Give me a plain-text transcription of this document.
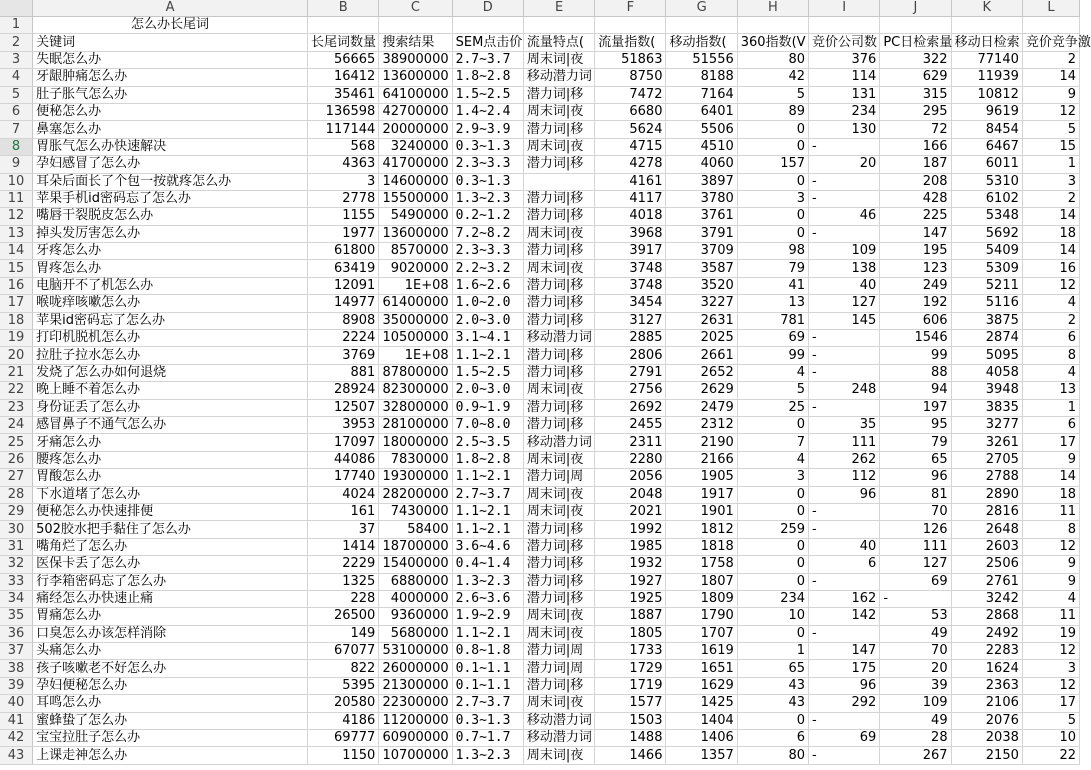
	A	B	C	D	E	F	G	H	I	J	K	L
1	怎么办长尾词											
2	关键词	长尾词数量	搜索结果	SEM点击价	流量特点(	流量指数(	移动指数(	360指数(V	竞价公司数	PC日检索量	移动日检索	竞价竞争激
3	失眠怎么办	56665	38900000	2.7~3.7	周末词|夜	51863	51556	80	376	322	77140	2
4	牙龈肿痛怎么办	16412	13600000	1.8~2.8	移动潜力词	8750	8188	42	114	629	11939	14
5	肚子胀气怎么办	35461	64100000	1.5~2.5	潜力词|移	7472	7164	5	131	315	10812	9
6	便秘怎么办	136598	42700000	1.4~2.4	周末词|夜	6680	6401	89	234	295	9619	12
7	鼻塞怎么办	117144	20000000	2.9~3.9	潜力词|移	5624	5506	0	130	72	8454	5
8	胃胀气怎么办快速解决	568	3240000	0.3~1.3	周末词|夜	4715	4510	0	-	166	6467	15
9	孕妇感冒了怎么办	4363	41700000	2.3~3.3	潜力词|移	4278	4060	157	20	187	6011	1
10	耳朵后面长了个包一按就疼怎么办	3	14600000	0.3~1.3		4161	3897	0	-	208	5310	3
11	苹果手机id密码忘了怎么办	2778	15500000	1.3~2.3	潜力词|移	4117	3780	3	-	428	6102	2
12	嘴唇干裂脱皮怎么办	1155	5490000	0.2~1.2	潜力词|移	4018	3761	0	46	225	5348	14
13	掉头发厉害怎么办	1977	13600000	7.2~8.2	周末词|夜	3968	3791	0	-	147	5692	18
14	牙疼怎么办	61800	8570000	2.3~3.3	潜力词|移	3917	3709	98	109	195	5409	14
15	胃疼怎么办	63419	9020000	2.2~3.2	周末词|夜	3748	3587	79	138	123	5309	16
16	电脑开不了机怎么办	12091	1E+08	1.6~2.6	潜力词|移	3748	3520	41	40	249	5211	12
17	喉咙痒咳嗽怎么办	14977	61400000	1.0~2.0	潜力词|移	3454	3227	13	127	192	5116	4
18	苹果id密码忘了怎么办	8908	35000000	2.0~3.0	潜力词|移	3127	2631	781	145	606	3875	2
19	打印机脱机怎么办	2224	10500000	3.1~4.1	移动潜力词	2885	2025	69	-	1546	2874	6
20	拉肚子拉水怎么办	3769	1E+08	1.1~2.1	潜力词|移	2806	2661	99	-	99	5095	8
21	发烧了怎么办如何退烧	881	87800000	1.5~2.5	潜力词|移	2791	2652	4	-	88	4058	4
22	晚上睡不着怎么办	28924	82300000	2.0~3.0	周末词|夜	2756	2629	5	248	94	3948	13
23	身份证丢了怎么办	12507	32800000	0.9~1.9	潜力词|移	2692	2479	25	-	197	3835	1
24	感冒鼻子不通气怎么办	3953	28100000	7.0~8.0	潜力词|移	2455	2312	0	35	95	3277	6
25	牙痛怎么办	17097	18000000	2.5~3.5	移动潜力词	2311	2190	7	111	79	3261	17
26	腰疼怎么办	44086	7830000	1.8~2.8	周末词|夜	2280	2166	4	262	65	2705	9
27	胃酸怎么办	17740	19300000	1.1~2.1	潜力词|周	2056	1905	3	112	96	2788	14
28	下水道堵了怎么办	4024	28200000	2.7~3.7	周末词|夜	2048	1917	0	96	81	2890	18
29	便秘怎么办快速排便	161	7430000	1.1~2.1	周末词|夜	2021	1901	0	-	70	2816	11
30	502胶水把手黏住了怎么办	37	58400	1.1~2.1	潜力词|移	1992	1812	259	-	126	2648	8
31	嘴角烂了怎么办	1414	18700000	3.6~4.6	潜力词|移	1985	1818	0	40	111	2603	12
32	医保卡丢了怎么办	2229	15400000	0.4~1.4	潜力词|移	1932	1758	0	6	127	2506	9
33	行李箱密码忘了怎么办	1325	6880000	1.3~2.3	潜力词|移	1927	1807	0	-	69	2761	9
34	痛经怎么办快速止痛	228	4000000	2.6~3.6	潜力词|移	1925	1809	234	162	-	3242	4
35	胃痛怎么办	26500	9360000	1.9~2.9	周末词|夜	1887	1790	10	142	53	2868	11
36	口臭怎么办该怎样消除	149	5680000	1.1~2.1	周末词|夜	1805	1707	0	-	49	2492	19
37	头痛怎么办	67077	53100000	0.8~1.8	潜力词|周	1733	1619	1	147	70	2283	12
38	孩子咳嗽老不好怎么办	822	26000000	0.1~1.1	潜力词|周	1729	1651	65	175	20	1624	3
39	孕妇便秘怎么办	5395	21300000	0.1~1.1	潜力词|移	1719	1629	43	96	39	2363	12
40	耳鸣怎么办	20580	22300000	2.7~3.7	周末词|夜	1577	1425	43	292	109	2106	17
41	蜜蜂蛰了怎么办	4186	11200000	0.3~1.3	移动潜力词	1503	1404	0	-	49	2076	5
42	宝宝拉肚子怎么办	69777	60900000	0.7~1.7	移动潜力词	1488	1406	6	69	28	2038	10
43	上课走神怎么办	1150	10700000	1.3~2.3	周末词|夜	1466	1357	80	-	267	2150	22
